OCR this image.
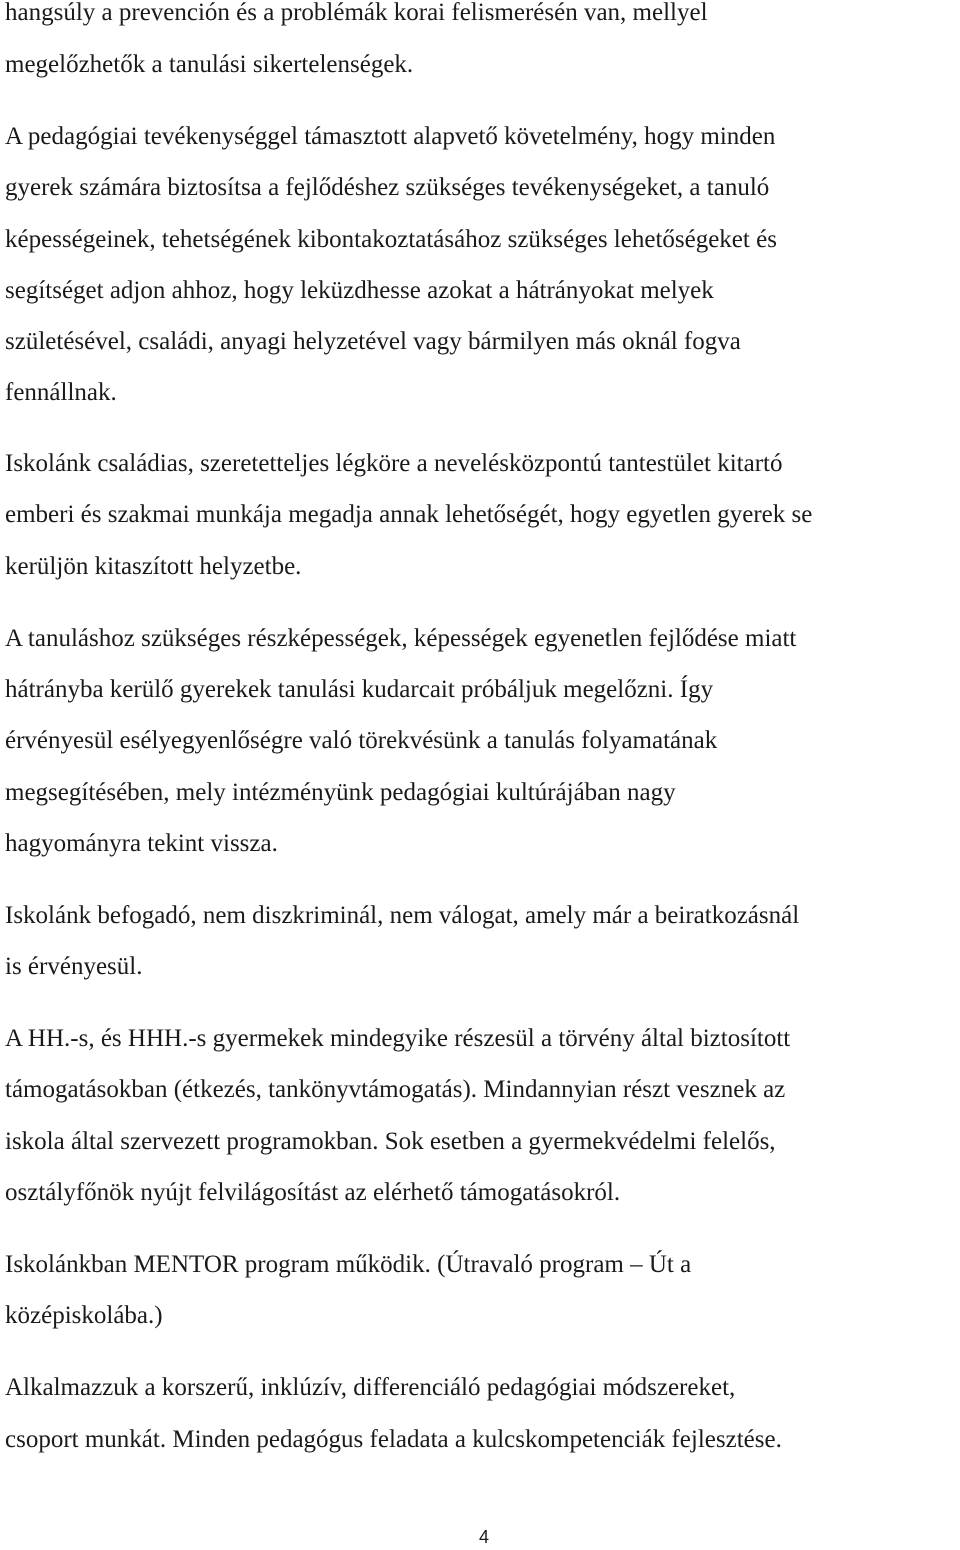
hangsúly a prevención és a problémák korai felismerésén van, mellyel
megelőzhetők a tanulási sikertelenségek.
A pedagógiai tevékenységgel támasztott alapvető követelmény, hogy minden
gyerek számára biztosítsa a fejlődéshez szükséges tevékenységeket, a tanuló
képességeinek, tehetségének kibontakoztatásához szükséges lehetőségeket és
segítséget adjon ahhoz, hogy leküzdhesse azokat a hátrányokat melyek
születésével, családi, anyagi helyzetével vagy bármilyen más oknál fogva
fennállnak.
Iskolánk családias, szeretetteljes légköre a nevelésközpontú tantestület kitartó
emberi és szakmai munkája megadja annak lehetőségét, hogy egyetlen gyerek se
kerüljön kitaszított helyzetbe.
A tanuláshoz szükséges részképességek, képességek egyenetlen fejlődése miatt
hátrányba kerülő gyerekek tanulási kudarcait próbáljuk megelőzni. Így
érvényesül esélyegyenlőségre való törekvésünk a tanulás folyamatának
megsegítésében, mely intézményünk pedagógiai kultúrájában nagy
hagyományra tekint vissza.
Iskolánk befogadó, nem diszkriminál, nem válogat, amely már a beiratkozásnál
is érvényesül.
A HH.-s, és HHH.-s gyermekek mindegyike részesül a törvény által biztosított
támogatásokban (étkezés, tankönyvtámogatás). Mindannyian részt vesznek az
iskola által szervezett programokban. Sok esetben a gyermekvédelmi felelős,
osztályfőnök nyújt felvilágosítást az elérhető támogatásokról.
Iskolánkban MENTOR program működik. (Útravaló program – Út a
középiskolába.)
Alkalmazzuk a korszerű, inklúzív, differenciáló pedagógiai módszereket,
csoport munkát. Minden pedagógus feladata a kulcskompetenciák fejlesztése.
4
